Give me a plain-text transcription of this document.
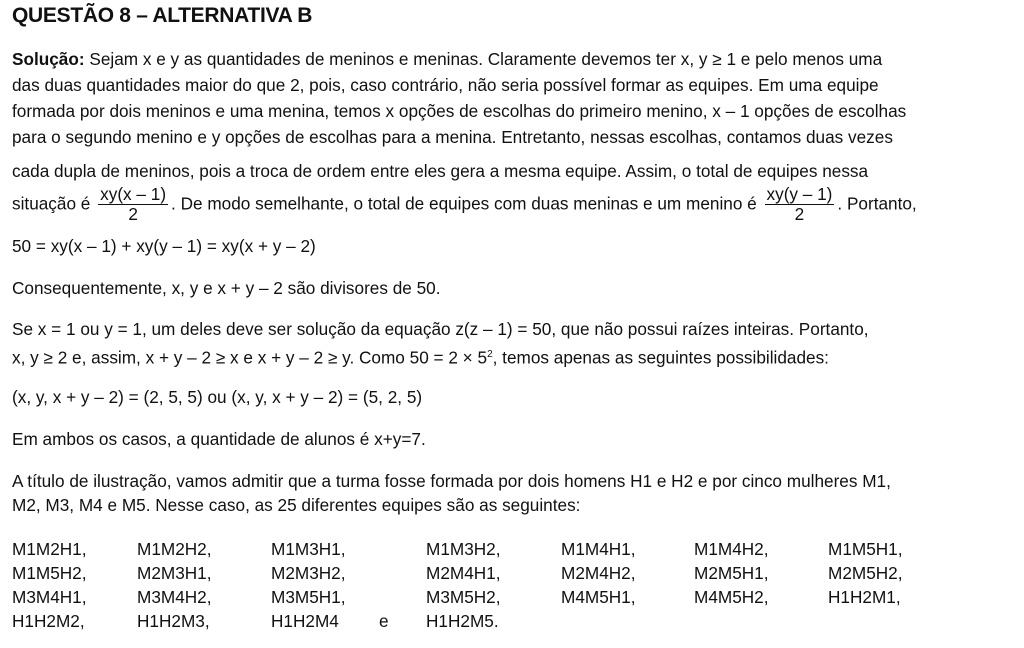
QUESTÃO 8 – ALTERNATIVA B
Solução: Sejam x e y as quantidades de meninos e meninas. Claramente devemos ter x, y ≥ 1 e pelo menos uma
das duas quantidades maior do que 2, pois, caso contrário, não seria possível formar as equipes. Em uma equipe
formada por dois meninos e uma menina, temos x opções de escolhas do primeiro menino, x – 1 opções de escolhas
para o segundo menino e y opções de escolhas para a menina. Entretanto, nessas escolhas, contamos duas vezes
cada dupla de meninos, pois a troca de ordem entre eles gera a mesma equipe. Assim, o total de equipes nessa
situação é $\frac{xy(x - 1)}{2}$ . De modo semelhante, o total de equipes com duas meninas e um menino é $\frac{xy(y - 1)}{2}$ . Portanto,
50 = xy(x – 1) + xy(y – 1) = xy(x + y – 2)
Consequentemente, x, y e x + y – 2 são divisores de 50.
Se x = 1 ou y = 1, um deles deve ser solução da equação z(z – 1) = 50, que não possui raízes inteiras. Portanto,
x, y ≥ 2 e, assim, x + y – 2 ≥ x e x + y – 2 ≥ y. Como $50 = 2 \times 5^2$, temos apenas as seguintes possibilidades:
(x, y, x + y – 2) = (2, 5, 5) ou (x, y, x + y – 2) = (5, 2, 5)
Em ambos os casos, a quantidade de alunos é x+y=7.
A título de ilustração, vamos admitir que a turma fosse formada por dois homens H1 e H2 e por cinco mulheres M1,
M2, M3, M4 e M5. Nesse caso, as 25 diferentes equipes são as seguintes:
M1M2H1,	M1M2H2,	M1M3H1,	M1M3H2,	M1M4H1,	M1M4H2,	M1M5H1,
M1M5H2,	M2M3H1,	M2M3H2,	M2M4H1,	M2M4H2,	M2M5H1,	M2M5H2,
M3M4H1,	M3M4H2,	M3M5H1,	M3M5H2,	M4M5H1,	M4M5H2,	H1H2M1,
H1H2M2,	H1H2M3,	H1H2M4 e H1H2M5.
